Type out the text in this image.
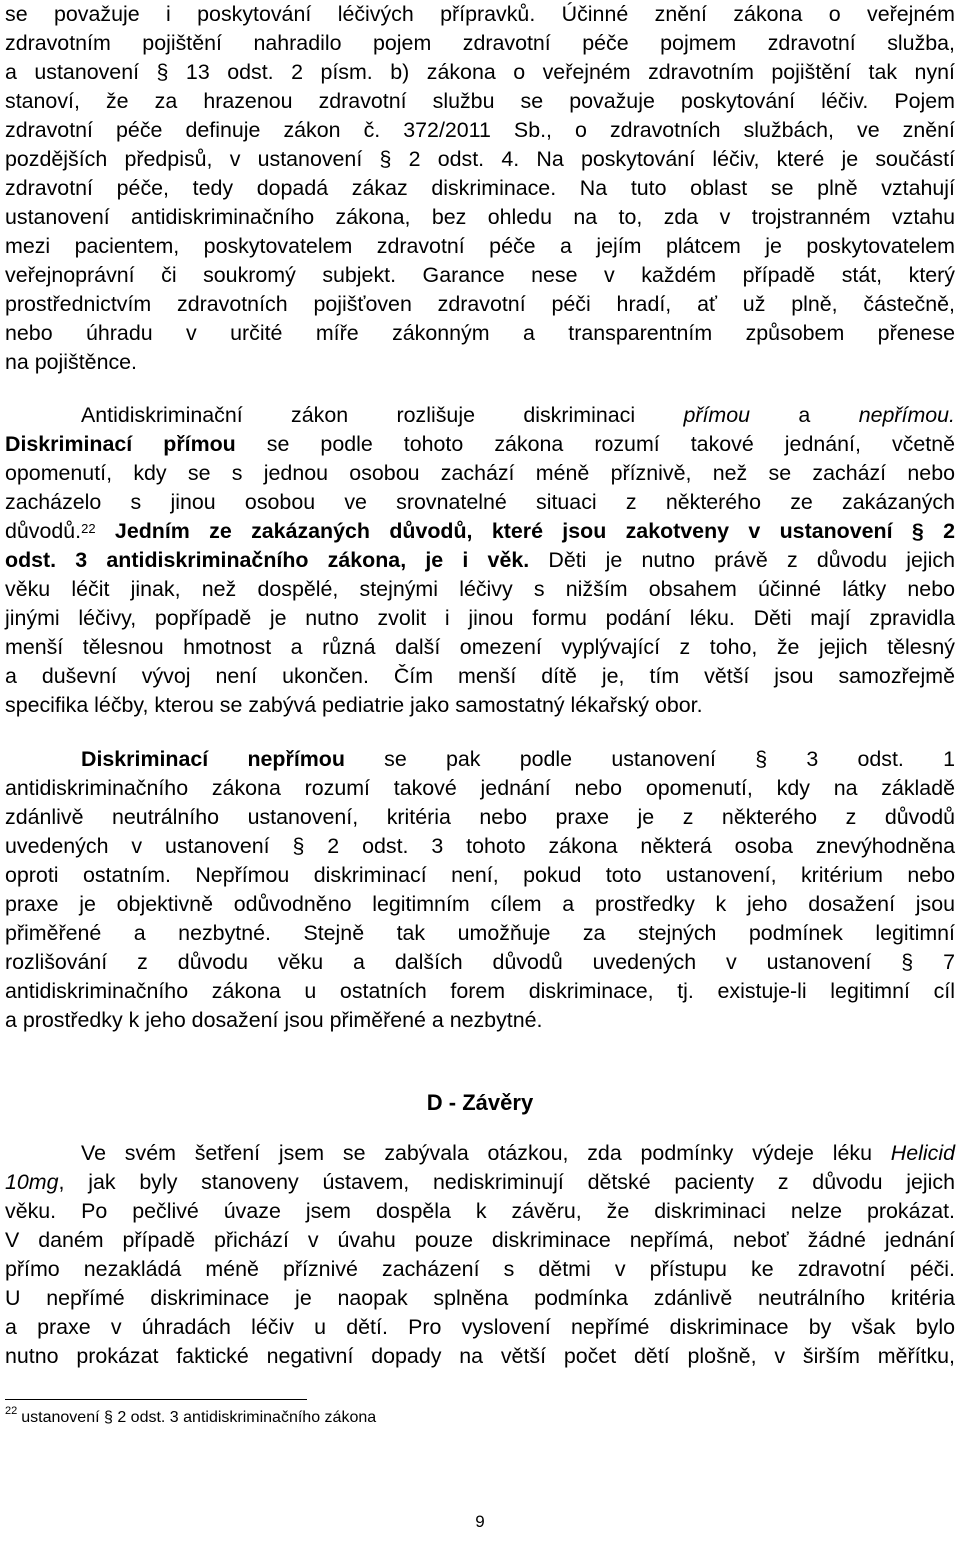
se považuje i poskytování léčivých přípravků. Účinné znění zákona o veřejném
zdravotním pojištění nahradilo pojem zdravotní péče pojmem zdravotní služba,
a ustanovení § 13 odst. 2 písm. b) zákona o veřejném zdravotním pojištění tak nyní
stanoví, že za hrazenou zdravotní službu se považuje poskytování léčiv. Pojem
zdravotní péče definuje zákon č. 372/2011 Sb., o zdravotních službách, ve znění
pozdějších předpisů, v ustanovení § 2 odst. 4. Na poskytování léčiv, které je součástí
zdravotní péče, tedy dopadá zákaz diskriminace. Na tuto oblast se plně vztahují
ustanovení antidiskriminačního zákona, bez ohledu na to, zda v trojstranném vztahu
mezi pacientem, poskytovatelem zdravotní péče a jejím plátcem je poskytovatelem
veřejnoprávní či soukromý subjekt. Garance nese v každém případě stát, který
prostřednictvím zdravotních pojišťoven zdravotní péči hradí, ať už plně, částečně,
nebo úhradu v určité míře zákonným a transparentním způsobem přenese
na pojištěnce.
Antidiskriminační zákon rozlišuje diskriminaci přímou a nepřímou.
Diskriminací přímou se podle tohoto zákona rozumí takové jednání, včetně
opomenutí, kdy se s jednou osobou zachází méně příznivě, než se zachází nebo
zacházelo s jinou osobou ve srovnatelné situaci z některého ze zakázaných
důvodů.$^{22}$ Jedním ze zakázaných důvodů, které jsou zakotveny v ustanovení § 2
odst. 3 antidiskriminačního zákona, je i věk. Děti je nutno právě z důvodu jejich
věku léčit jinak, než dospělé, stejnými léčivy s nižším obsahem účinné látky nebo
jinými léčivy, popřípadě je nutno zvolit i jinou formu podání léku. Děti mají zpravidla
menší tělesnou hmotnost a různá další omezení vyplývající z toho, že jejich tělesný
a duševní vývoj není ukončen. Čím menší dítě je, tím větší jsou samozřejmě
specifika léčby, kterou se zabývá pediatrie jako samostatný lékařský obor.
Diskriminací nepřímou se pak podle ustanovení § 3 odst. 1
antidiskriminačního zákona rozumí takové jednání nebo opomenutí, kdy na základě
zdánlivě neutrálního ustanovení, kritéria nebo praxe je z některého z důvodů
uvedených v ustanovení § 2 odst. 3 tohoto zákona některá osoba znevýhodněna
oproti ostatním. Nepřímou diskriminací není, pokud toto ustanovení, kritérium nebo
praxe je objektivně odůvodněno legitimním cílem a prostředky k jeho dosažení jsou
přiměřené a nezbytné. Stejně tak umožňuje za stejných podmínek legitimní
rozlišování z důvodu věku a dalších důvodů uvedených v ustanovení § 7
antidiskriminačního zákona u ostatních forem diskriminace, tj. existuje-li legitimní cíl
a prostředky k jeho dosažení jsou přiměřené a nezbytné.
D - Závěry
Ve svém šetření jsem se zabývala otázkou, zda podmínky výdeje léku Helicid
10mg, jak byly stanoveny ústavem, nediskriminují dětské pacienty z důvodu jejich
věku. Po pečlivé úvaze jsem dospěla k závěru, že diskriminaci nelze prokázat.
V daném případě přichází v úvahu pouze diskriminace nepřímá, neboť žádné jednání
přímo nezakládá méně příznivé zacházení s dětmi v přístupu ke zdravotní péči.
U nepřímé diskriminace je naopak splněna podmínka zdánlivě neutrálního kritéria
a praxe v úhradách léčiv u dětí. Pro vyslovení nepřímé diskriminace by však bylo
nutno prokázat faktické negativní dopady na větší počet dětí plošně, v širším měřítku,
$^{22}$ ustanovení § 2 odst. 3 antidiskriminačního zákona
9
